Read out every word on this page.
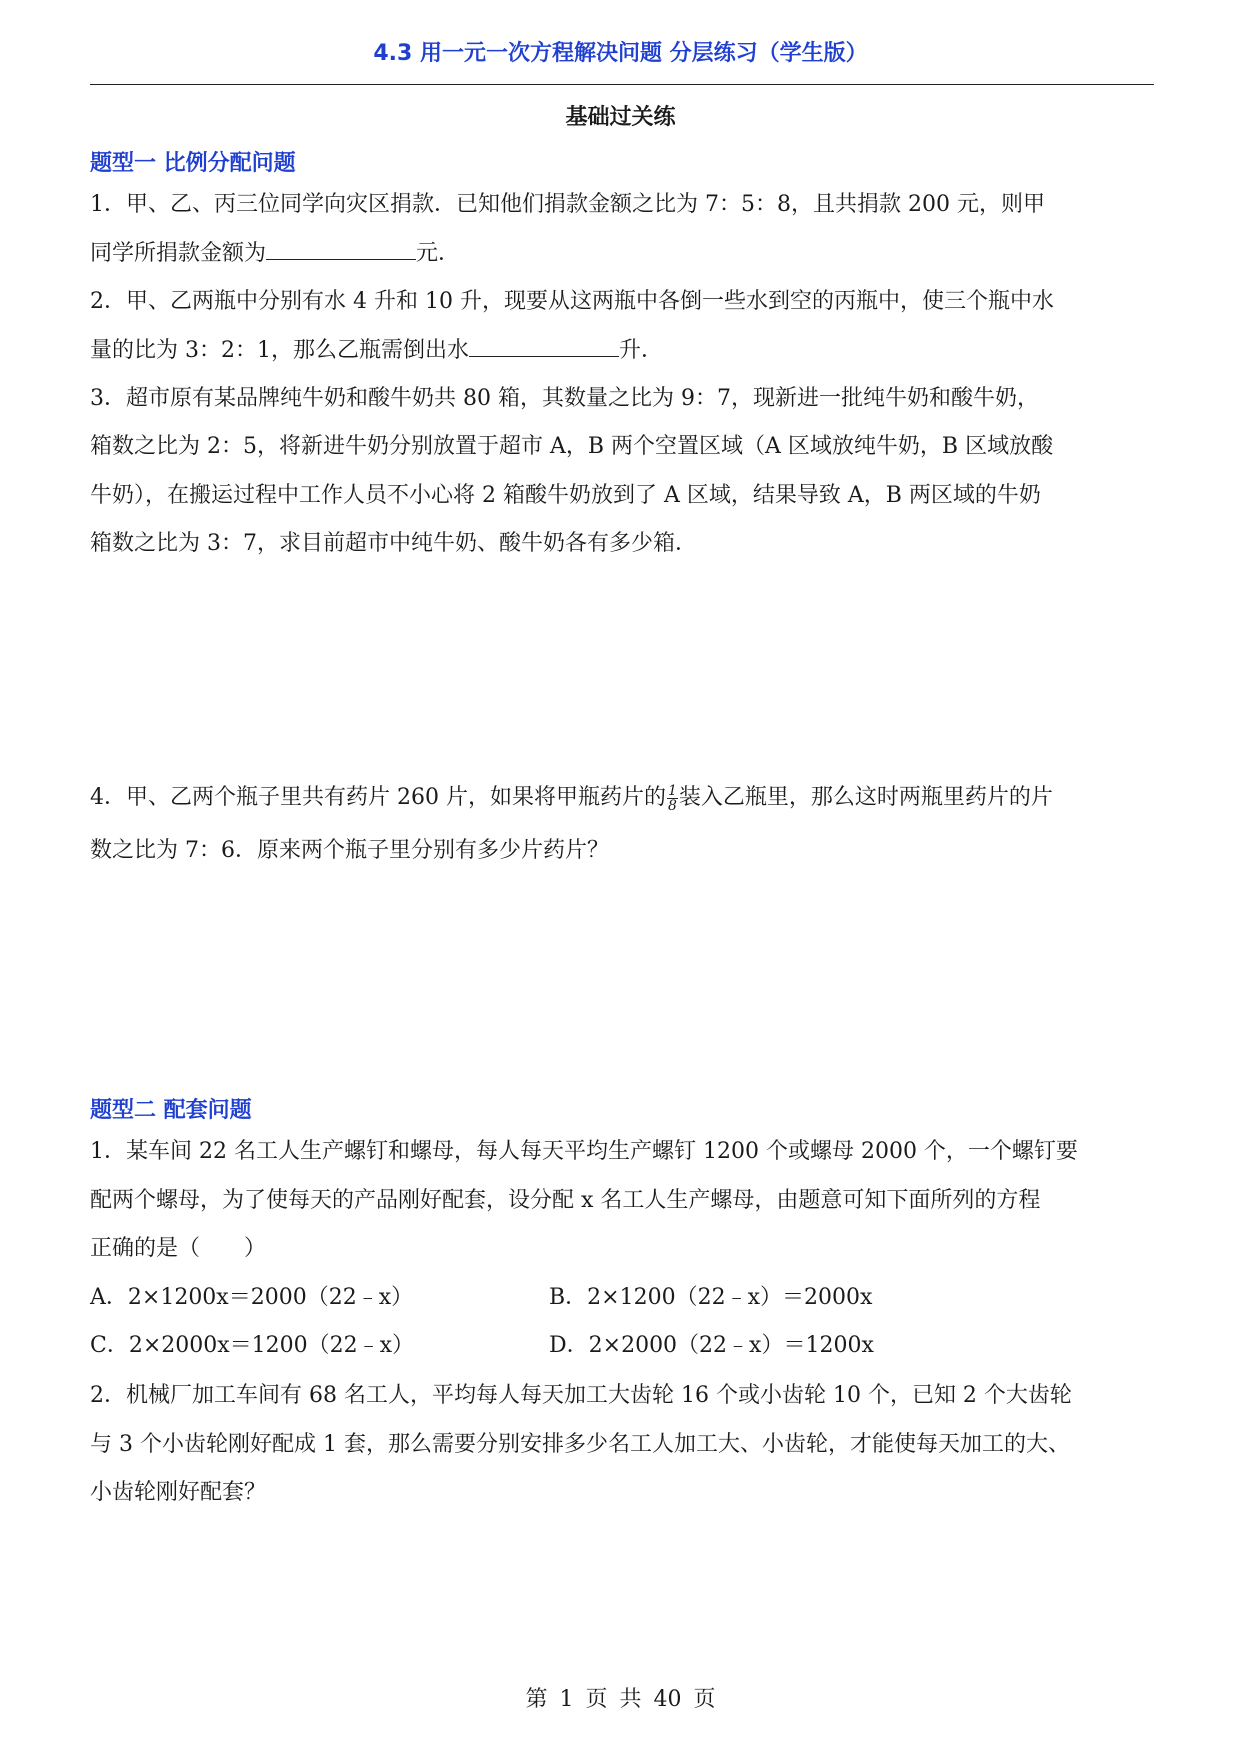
4.3 用一元一次方程解决问题 分层练习（学生版）
基础过关练
题型一 比例分配问题
1．甲、乙、丙三位同学向灾区捐款．已知他们捐款金额之比为 7：5：8，且共捐款 200 元，则甲
同学所捐款金额为	元．
2．甲、乙两瓶中分别有水 4 升和 10 升，现要从这两瓶中各倒一些水到空的丙瓶中，使三个瓶中水
量的比为 3：2：1，那么乙瓶需倒出水	升．
3．超市原有某品牌纯牛奶和酸牛奶共 80 箱，其数量之比为 9：7，现新进一批纯牛奶和酸牛奶，
箱数之比为 2：5，将新进牛奶分别放置于超市 A，B 两个空置区域（A 区域放纯牛奶，B 区域放酸
牛奶），在搬运过程中工作人员不小心将 2 箱酸牛奶放到了 A 区域，结果导致 A，B 两区域的牛奶
箱数之比为 3：7，求目前超市中纯牛奶、酸牛奶各有多少箱．
4．甲、乙两个瓶子里共有药片 260 片，如果将甲瓶药片的 $\frac{1}{8}$ 装入乙瓶里，那么这时两瓶里药片的片
数之比为 7：6．原来两个瓶子里分别有多少片药片？
题型二 配套问题
1．某车间 22 名工人生产螺钉和螺母，每人每天平均生产螺钉 1200 个或螺母 2000 个，一个螺钉要
配两个螺母，为了使每天的产品刚好配套，设分配 x 名工人生产螺母，由题意可知下面所列的方程
正确的是（　　）
A．2×1200x＝2000（22﹣x）	B．2×1200（22﹣x）＝2000x
C．2×2000x＝1200（22﹣x）	D．2×2000（22﹣x）＝1200x
2．机械厂加工车间有 68 名工人，平均每人每天加工大齿轮 16 个或小齿轮 10 个，已知 2 个大齿轮
与 3 个小齿轮刚好配成 1 套，那么需要分别安排多少名工人加工大、小齿轮，才能使每天加工的大、
小齿轮刚好配套？
第 1 页 共 40 页
